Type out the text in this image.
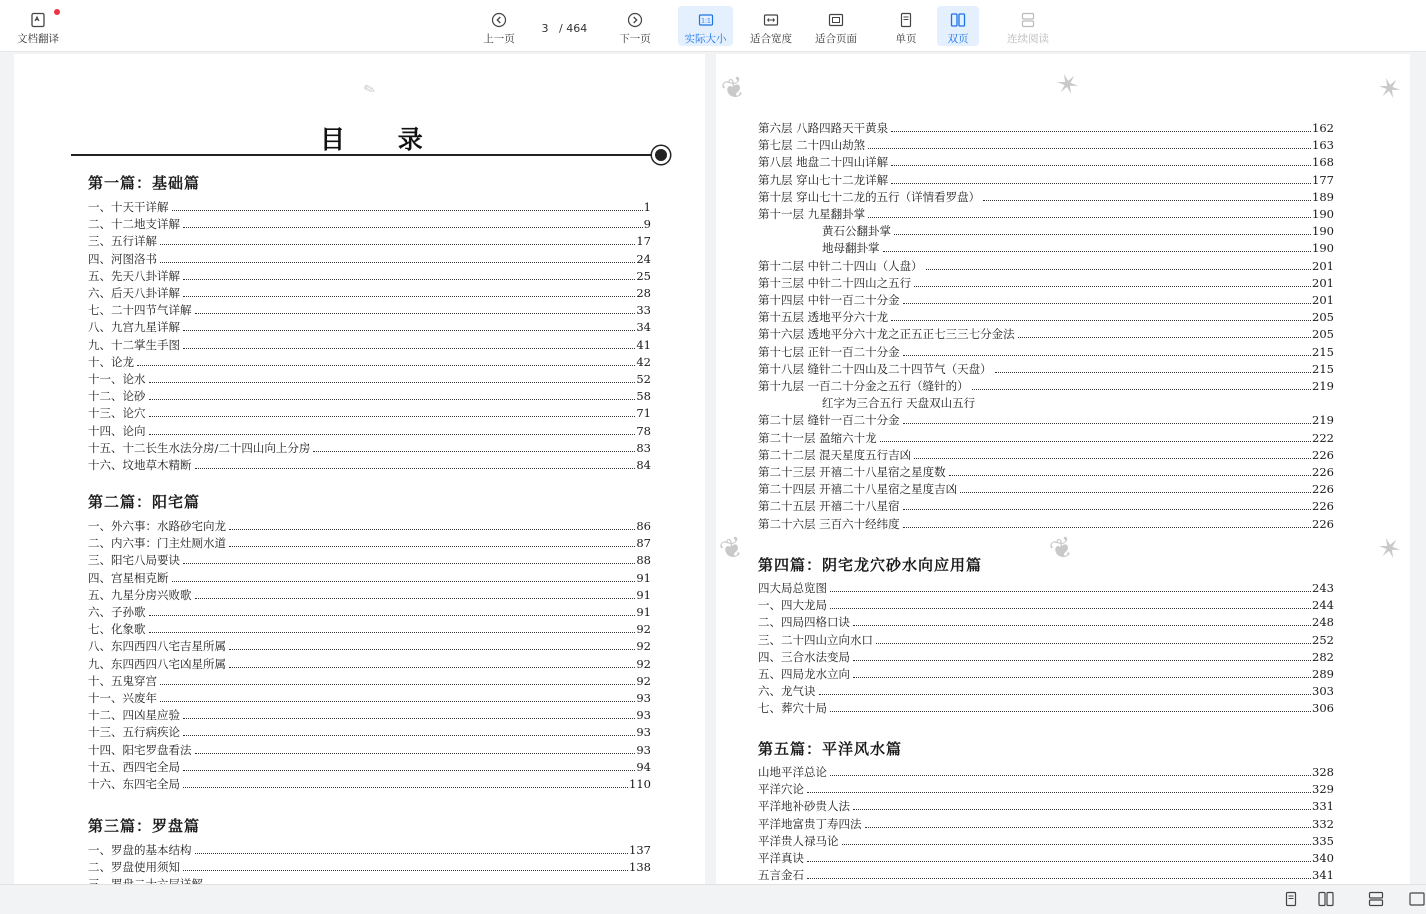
文档翻译	上一页
3 / 464
下一页
1:1
实际大小 适合宽度 适合页面	单页	双页	连续阅读
目 录
✎
第一篇：基础篇
一、十天干详解	1
二、十二地支详解	9
三、五行详解	17
四、河图洛书	24
五、先天八卦详解	25
六、后天八卦详解	28
七、二十四节气详解	33
八、九宫九星详解	34
九、十二掌生手图	41
十、论龙	42
十一、论水	52
十二、论砂	58
十三、论穴	71
十四、论向	78
十五、十二长生水法分房/二十四山向上分房	83
十六、坟地草木精断	84
第二篇：阳宅篇
一、外六事：水路砂宅向龙	86
二、内六事：门主灶厕水道	87
三、阳宅八局要诀	88
四、宫星相克断	91
五、九星分房兴败歌	91
六、子孙歌	91
七、化象歌	92
八、东四西四八宅吉星所属	92
九、东四西四八宅凶星所属	92
十、五鬼穿宫	92
十一、兴废年	93
十二、四凶星应验	93
十三、五行病疾论	93
十四、阳宅罗盘看法	93
十五、西四宅全局	94
十六、东四宅全局	110
第三篇：罗盘篇
一、罗盘的基本结构	137
二、罗盘使用须知	138
❦	✶	✶
❦	❦	✶
第六层 八路四路天干黄泉	162
第七层 二十四山劫煞	163
第八层 地盘二十四山详解	168
第九层 穿山七十二龙详解	177
第十层 穿山七十二龙的五行（详情看罗盘）	189
第十一层 九星翻卦掌	190
黄石公翻卦掌	190
地母翻卦掌	190
第十二层 中针二十四山（人盘）	201
第十三层 中针二十四山之五行	201
第十四层 中针一百二十分金	201
第十五层 透地平分六十龙	205
第十六层 透地平分六十龙之正五正七三三七分金法	205
第十七层 正针一百二十分金	215
第十八层 缝针二十四山及二十四节气（天盘）	215
第十九层 一百二十分金之五行（缝针的）	219
红字为三合五行 天盘双山五行
第二十层 缝针一百二十分金	219
第二十一层 盈缩六十龙	222
第二十二层 混天星度五行吉凶	226
第二十三层 开禧二十八星宿之星度数	226
第二十四层 开禧二十八星宿之星度吉凶	226
第二十五层 开禧二十八星宿	226
第二十六层 三百六十经纬度	226
第四篇：阴宅龙穴砂水向应用篇
四大局总览图	243
一、四大龙局	244
二、四局四格口诀	248
三、二十四山立向水口	252
四、三合水法变局	282
五、四局龙水立向	289
六、龙气诀	303
七、葬穴十局	306
第五篇：平洋风水篇
山地平洋总论	328
平洋穴论	329
平洋地补砂贵人法	331
平洋地富贵丁寿四法	332
平洋贵人禄马论	335
平洋真诀	340
五言金石	341
